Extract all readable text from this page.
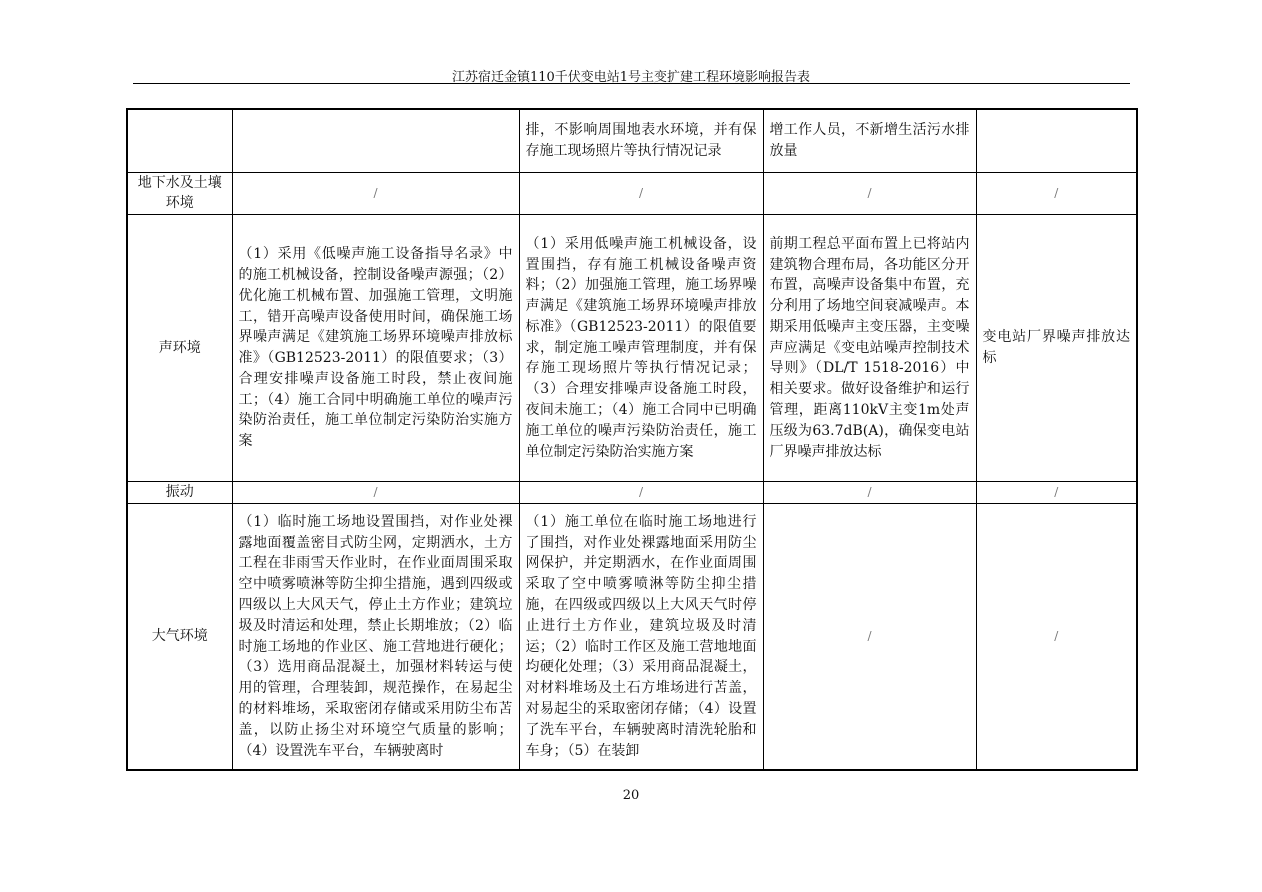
江苏宿迁金镇110千伏变电站1号主变扩建工程环境影响报告表
		排，不影响周围地表水环境，并有保存施工现场照片等执行情况记录	增工作人员，不新增生活污水排放量	
地下水及土壤环境	/	/	/	/
声环境	（1）采用《低噪声施工设备指导名录》中的施工机械设备，控制设备噪声源强；（2）优化施工机械布置、加强施工管理，文明施工，错开高噪声设备使用时间，确保施工场界噪声满足《建筑施工场界环境噪声排放标准》（GB12523-2011）的限值要求；（3）合理安排噪声设备施工时段，禁止夜间施工；（4）施工合同中明确施工单位的噪声污染防治责任，施工单位制定污染防治实施方案	（1）采用低噪声施工机械设备，设置围挡，存有施工机械设备噪声资料；（2）加强施工管理，施工场界噪声满足《建筑施工场界环境噪声排放标准》（GB12523-2011）的限值要求，制定施工噪声管理制度，并有保存施工现场照片等执行情况记录；（3）合理安排噪声设备施工时段，夜间未施工；（4）施工合同中已明确施工单位的噪声污染防治责任，施工单位制定污染防治实施方案	前期工程总平面布置上已将站内建筑物合理布局，各功能区分开布置，高噪声设备集中布置，充分利用了场地空间衰减噪声。本期采用低噪声主变压器，主变噪声应满足《变电站噪声控制技术导则》（DL/T 1518-2016）中相关要求。做好设备维护和运行管理，距离110kV主变1m处声压级为63.7dB(A)，确保变电站厂界噪声排放达标	变电站厂界噪声排放达标
振动	/	/	/	/
大气环境	（1）临时施工场地设置围挡，对作业处裸露地面覆盖密目式防尘网，定期洒水，土方工程在非雨雪天作业时，在作业面周围采取空中喷雾喷淋等防尘抑尘措施，遇到四级或四级以上大风天气，停止土方作业；建筑垃圾及时清运和处理，禁止长期堆放；（2）临时施工场地的作业区、施工营地进行硬化；（3）选用商品混凝土，加强材料转运与使用的管理，合理装卸，规范操作，在易起尘的材料堆场，采取密闭存储或采用防尘布苫盖，以防止扬尘对环境空气质量的影响；（4）设置洗车平台，车辆驶离时	（1）施工单位在临时施工场地进行了围挡，对作业处裸露地面采用防尘网保护，并定期洒水，在作业面周围采取了空中喷雾喷淋等防尘抑尘措施，在四级或四级以上大风天气时停止进行土方作业，建筑垃圾及时清运；（2）临时工作区及施工营地地面均硬化处理；（3）采用商品混凝土，对材料堆场及土石方堆场进行苫盖，对易起尘的采取密闭存储；（4）设置了洗车平台，车辆驶离时清洗轮胎和车身；（5）在装卸	/	/
20
